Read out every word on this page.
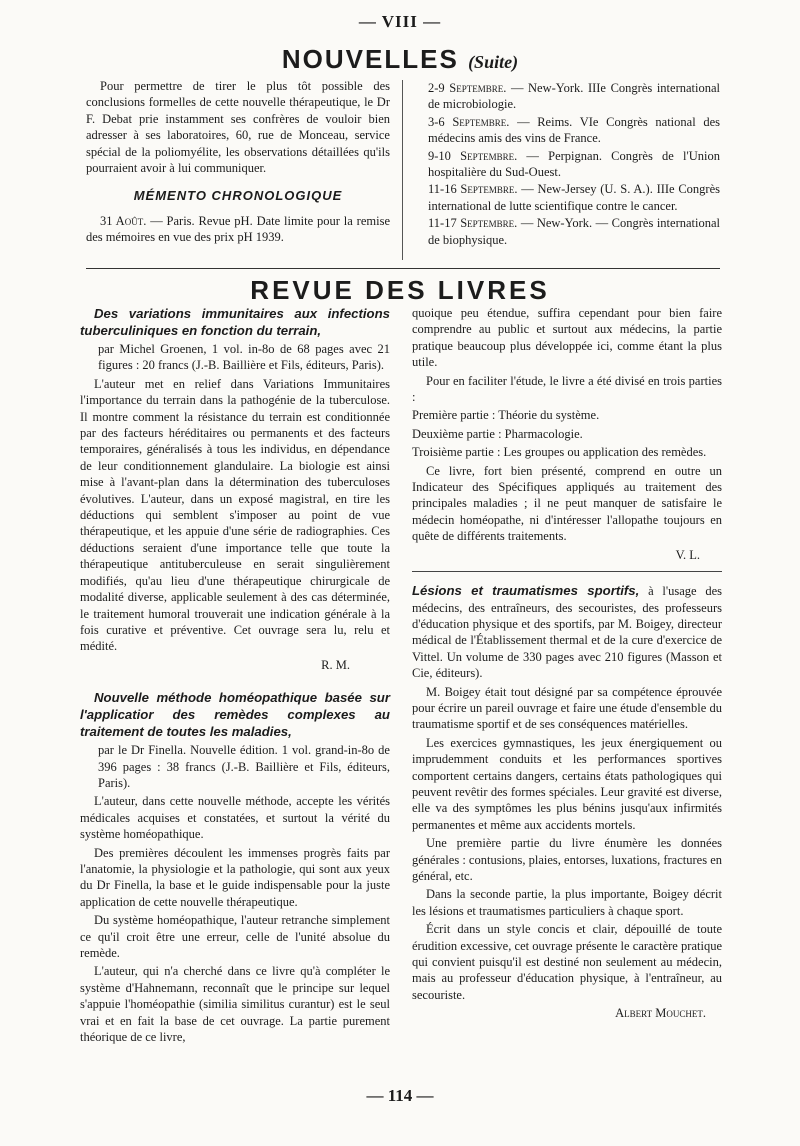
— VIII —
NOUVELLES (Suite)

Pour permettre de tirer le plus tôt possible des conclusions formelles de cette nouvelle thérapeutique, le Dr F. Debat prie instamment ses confrères de vouloir bien adresser à ses laboratoires, 60, rue de Monceau, service spécial de la poliomyélite, les observations détaillées qu'ils pourraient avoir à lui communiquer.

MÉMENTO CHRONOLOGIQUE

31 Août. — Paris. Revue pH. Date limite pour la remise des mémoires en vue des prix pH 1939.

2-9 Septembre. — New-York. IIIe Congrès international de microbiologie.

3-6 Septembre. — Reims. VIe Congrès national des médecins amis des vins de France.

9-10 Septembre. — Perpignan. Congrès de l'Union hospitalière du Sud-Ouest.

11-16 Septembre. — New-Jersey (U. S. A.). IIIe Congrès international de lutte scientifique contre le cancer.

11-17 Septembre. — New-York. — Congrès international de biophysique.

REVUE DES LIVRES

Des variations immunitaires aux infections tuberculiniques en fonction du terrain,

par Michel Groenen, 1 vol. in-8o de 68 pages avec 21 figures : 20 francs (J.-B. Baillière et Fils, éditeurs, Paris).

L'auteur met en relief dans Variations Immunitaires l'importance du terrain dans la pathogénie de la tuberculose. Il montre comment la résistance du terrain est conditionnée par des facteurs héréditaires ou permanents et des facteurs temporaires, généralisés à tous les individus, en dépendance de leur conditionnement glandulaire. La biologie est ainsi mise à l'avant-plan dans la détermination des tuberculoses évolutives. L'auteur, dans un exposé magistral, en tire les déductions qui semblent s'imposer au point de vue thérapeutique, et les appuie d'une série de radiographies. Ces déductions seraient d'une importance telle que toute la thérapeutique antituberculeuse en serait singulièrement modifiés, qu'au lieu d'une thérapeutique chirurgicale de modalité diverse, applicable seulement à des cas déterminée, le traitement humoral trouverait une indication générale à la fois curative et préventive. Cet ouvrage sera lu, relu et médité.

R. M.

Nouvelle méthode homéopathique basée sur l'applicatior des remèdes complexes au traitement de toutes les maladies,

par le Dr Finella. Nouvelle édition. 1 vol. grand-in-8o de 396 pages : 38 francs (J.-B. Baillière et Fils, éditeurs, Paris).

L'auteur, dans cette nouvelle méthode, accepte les vérités médicales acquises et constatées, et surtout la vérité du système homéopathique.

Des premières découlent les immenses progrès faits par l'anatomie, la physiologie et la pathologie, qui sont aux yeux du Dr Finella, la base et le guide indispensable pour la juste application de cette nouvelle thérapeutique.

Du système homéopathique, l'auteur retranche simplement ce qu'il croit être une erreur, celle de l'unité absolue du remède.

L'auteur, qui n'a cherché dans ce livre qu'à compléter le système d'Hahnemann, reconnaît que le principe sur lequel s'appuie l'homéopathie (similia similitus curantur) est le seul vrai et en fait la base de cet ouvrage. La partie purement théorique de ce livre,

quoique peu étendue, suffira cependant pour bien faire comprendre au public et surtout aux médecins, la partie pratique beaucoup plus développée ici, comme étant la plus utile.

Pour en faciliter l'étude, le livre a été divisé en trois parties :

Première partie : Théorie du système.

Deuxième partie : Pharmacologie.

Troisième partie : Les groupes ou application des remèdes.

Ce livre, fort bien présenté, comprend en outre un Indicateur des Spécifiques appliqués au traitement des principales maladies ; il ne peut manquer de satisfaire le médecin homéopathe, ni d'intéresser l'allopathe toujours en quête de différents traitements.

V. L.

Lésions et traumatismes sportifs, à l'usage des médecins, des entraîneurs, des secouristes, des professeurs d'éducation physique et des sportifs, par M. Boigey, directeur médical de l'Établissement thermal et de la cure d'exercice de Vittel. Un volume de 330 pages avec 210 figures (Masson et Cie, éditeurs).

M. Boigey était tout désigné par sa compétence éprouvée pour écrire un pareil ouvrage et faire une étude d'ensemble du traumatisme sportif et de ses conséquences matérielles.

Les exercices gymnastiques, les jeux énergiquement ou imprudemment conduits et les performances sportives comportent certains dangers, certains états pathologiques qui peuvent revêtir des formes spéciales. Leur gravité est diverse, elle va des symptômes les plus bénins jusqu'aux infirmités permanentes et même aux accidents mortels.

Une première partie du livre énumère les données générales : contusions, plaies, entorses, luxations, fractures en général, etc.

Dans la seconde partie, la plus importante, Boigey décrit les lésions et traumatismes particuliers à chaque sport.

Écrit dans un style concis et clair, dépouillé de toute érudition excessive, cet ouvrage présente le caractère pratique qui convient puisqu'il est destiné non seulement au médecin, mais au professeur d'éducation physique, à l'entraîneur, au secouriste.

Albert Mouchet.

— 114 —
